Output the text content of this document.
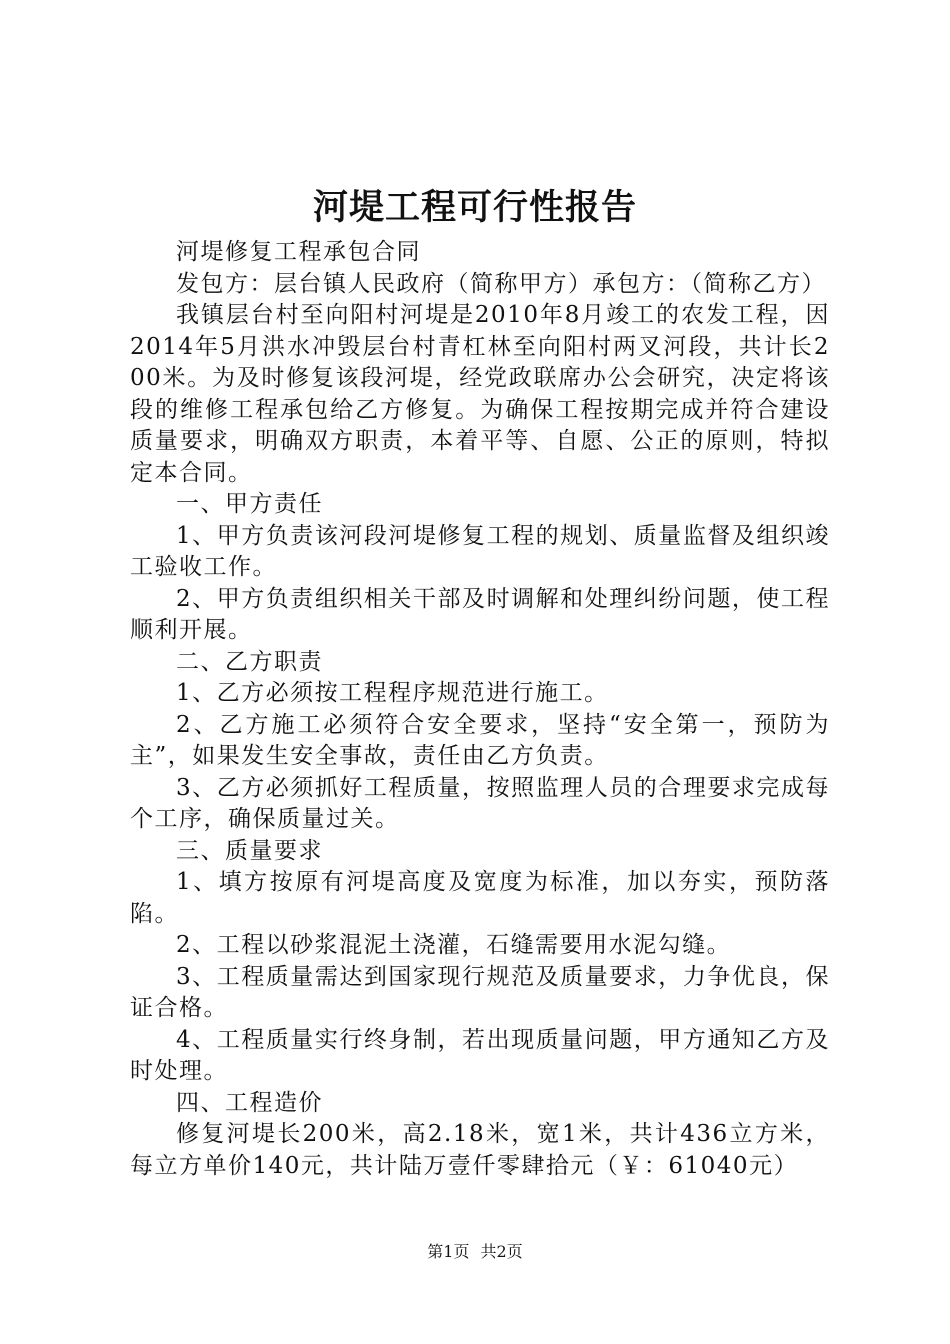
河堤工程可行性报告

河堤修复工程承包合同

发包方：层台镇人民政府（简称甲方）承包方：（简称乙方）

我镇层台村至向阳村河堤是2010年8月竣工的农发工程，因2014年5月洪水冲毁层台村青杠林至向阳村两叉河段，共计长200米。为及时修复该段河堤，经党政联席办公会研究，决定将该段的维修工程承包给乙方修复。为确保工程按期完成并符合建设质量要求，明确双方职责，本着平等、自愿、公正的原则，特拟定本合同。

一、甲方责任

1、甲方负责该河段河堤修复工程的规划、质量监督及组织竣工验收工作。

2、甲方负责组织相关干部及时调解和处理纠纷问题，使工程顺利开展。

二、乙方职责

1、乙方必须按工程程序规范进行施工。

2、乙方施工必须符合安全要求，坚持“安全第一，预防为主”，如果发生安全事故，责任由乙方负责。

3、乙方必须抓好工程质量，按照监理人员的合理要求完成每个工序，确保质量过关。

三、质量要求

1、填方按原有河堤高度及宽度为标准，加以夯实，预防落陷。

2、工程以砂浆混泥土浇灌，石缝需要用水泥勾缝。

3、工程质量需达到国家现行规范及质量要求，力争优良，保证合格。

4、工程质量实行终身制，若出现质量问题，甲方通知乙方及时处理。

四、工程造价

修复河堤长200米，高2.18米，宽1米，共计436立方米，每立方单价140元，共计陆万壹仟零肆拾元（￥：61040元）

第1页 共2页
